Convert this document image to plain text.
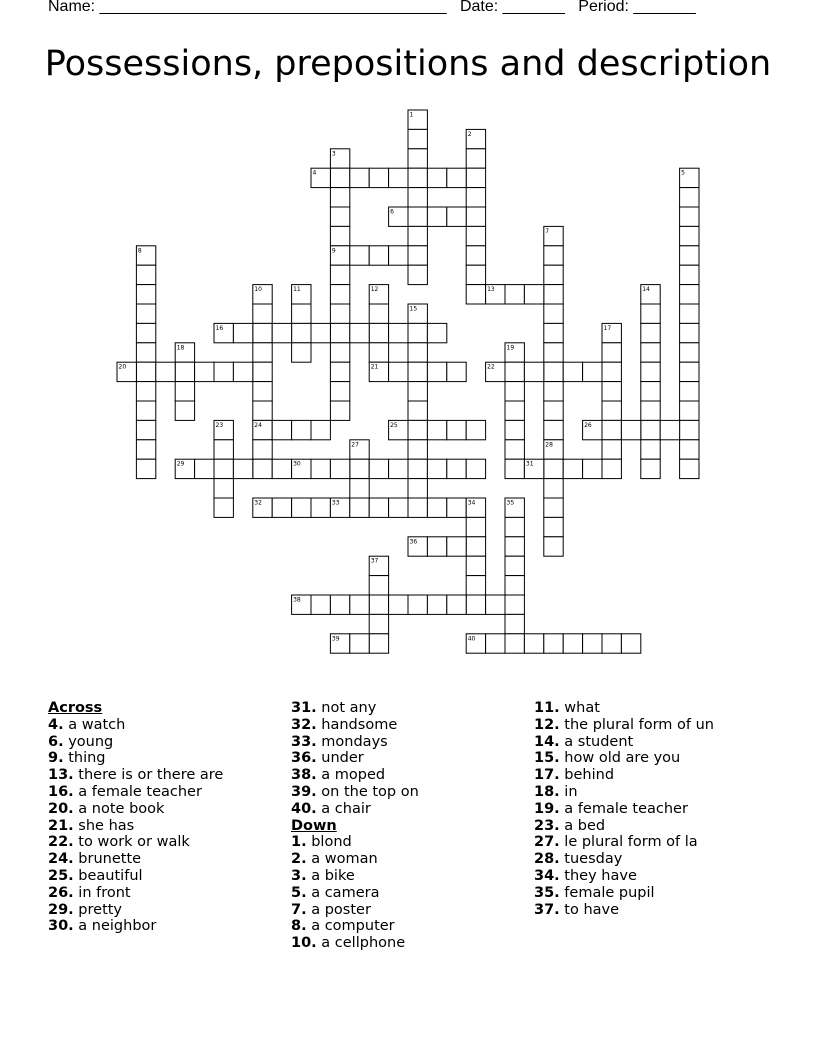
Name: _______________________________________ Date: _______ Period: _______
Possessions, prepositions and description
1
2
3
4	5
6
7
8	9
10	11	12	13	14
15
16	17
18	19
20	21	22
23	24	25	26
27	28
29	30	31
32	33	34	35
36
37
38
39	40
Across
4. a watch
6. young
9. thing
13. there is or there are
16. a female teacher
20. a note book
21. she has
22. to work or walk
24. brunette
25. beautiful
26. in front
29. pretty
30. a neighbor
31. not any
32. handsome
33. mondays
36. under
38. a moped
39. on the top on
40. a chair
Down
1. blond
2. a woman
3. a bike
5. a camera
7. a poster
8. a computer
10. a cellphone
11. what
12. the plural form of un
14. a student
15. how old are you
17. behind
18. in
19. a female teacher
23. a bed
27. le plural form of la
28. tuesday
34. they have
35. female pupil
37. to have
